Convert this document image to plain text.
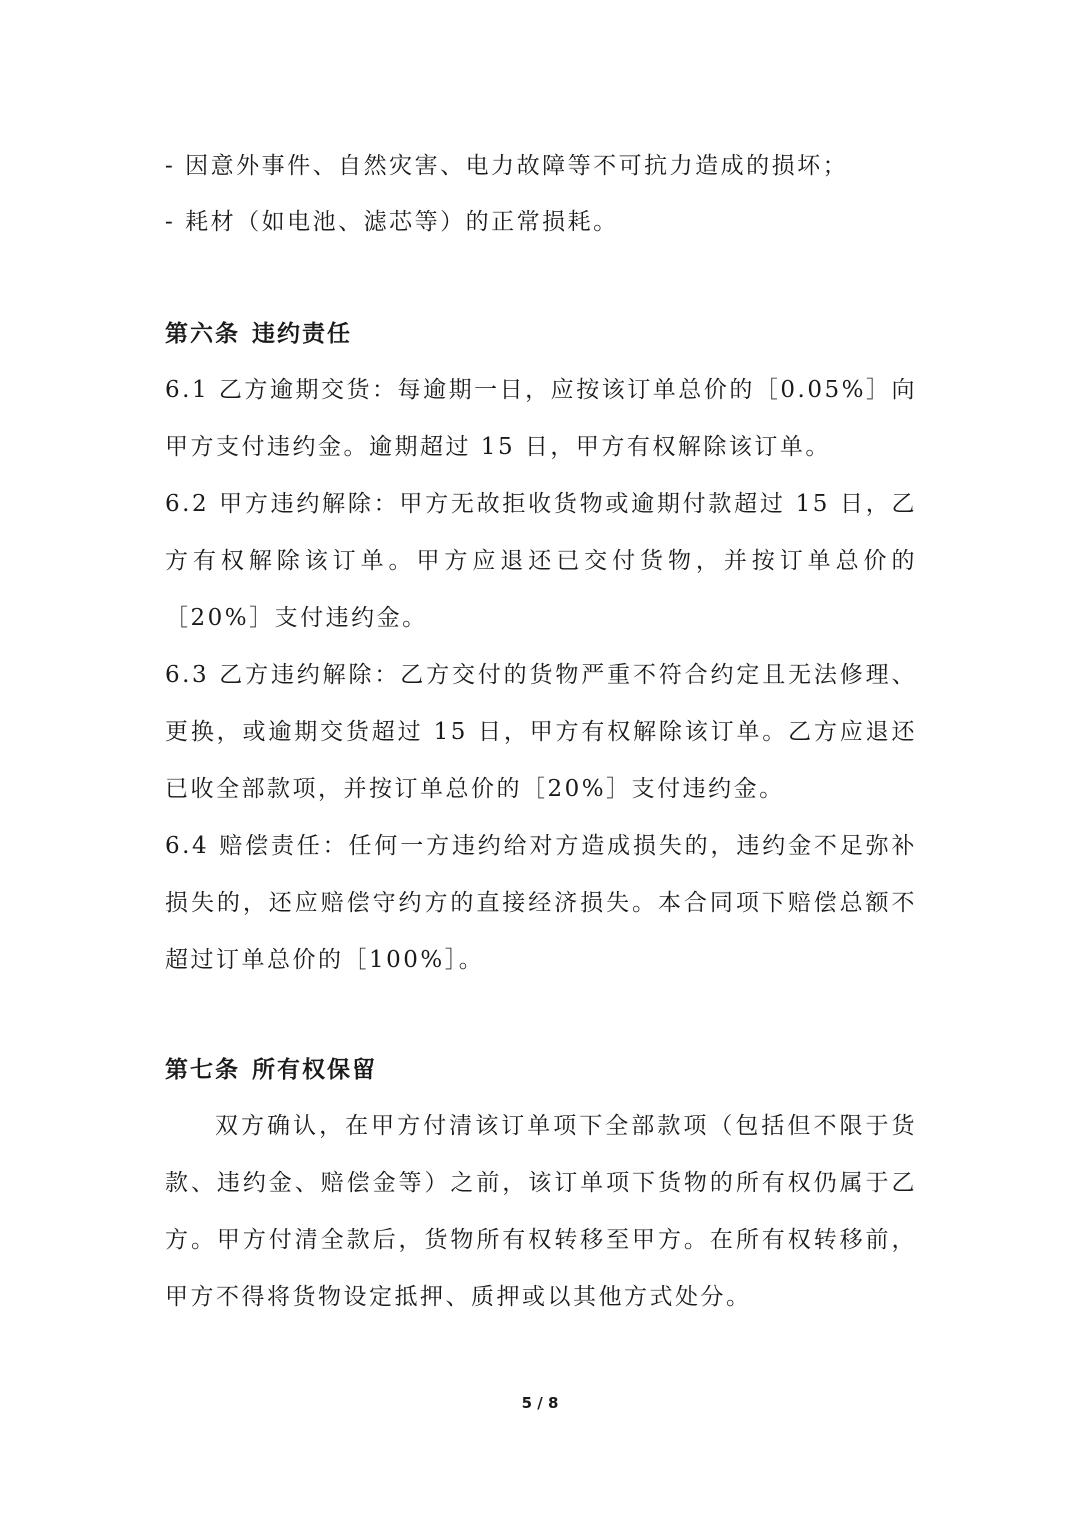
- 因意外事件、自然灾害、电力故障等不可抗力造成的损坏；

- 耗材（如电池、滤芯等）的正常损耗。

第六条 违约责任

6.1 乙方逾期交货：每逾期一日，应按该订单总价的［0.05%］向甲方支付违约金。逾期超过 15 日，甲方有权解除该订单。

6.2 甲方违约解除：甲方无故拒收货物或逾期付款超过 15 日，乙方有权解除该订单。甲方应退还已交付货物，并按订单总价的［20%］支付违约金。

6.3 乙方违约解除：乙方交付的货物严重不符合约定且无法修理、更换，或逾期交货超过 15 日，甲方有权解除该订单。乙方应退还已收全部款项，并按订单总价的［20%］支付违约金。

6.4 赔偿责任：任何一方违约给对方造成损失的，违约金不足弥补损失的，还应赔偿守约方的直接经济损失。本合同项下赔偿总额不超过订单总价的［100%］。

第七条 所有权保留

双方确认，在甲方付清该订单项下全部款项（包括但不限于货款、违约金、赔偿金等）之前，该订单项下货物的所有权仍属于乙方。甲方付清全款后，货物所有权转移至甲方。在所有权转移前，甲方不得将货物设定抵押、质押或以其他方式处分。

5 / 8
